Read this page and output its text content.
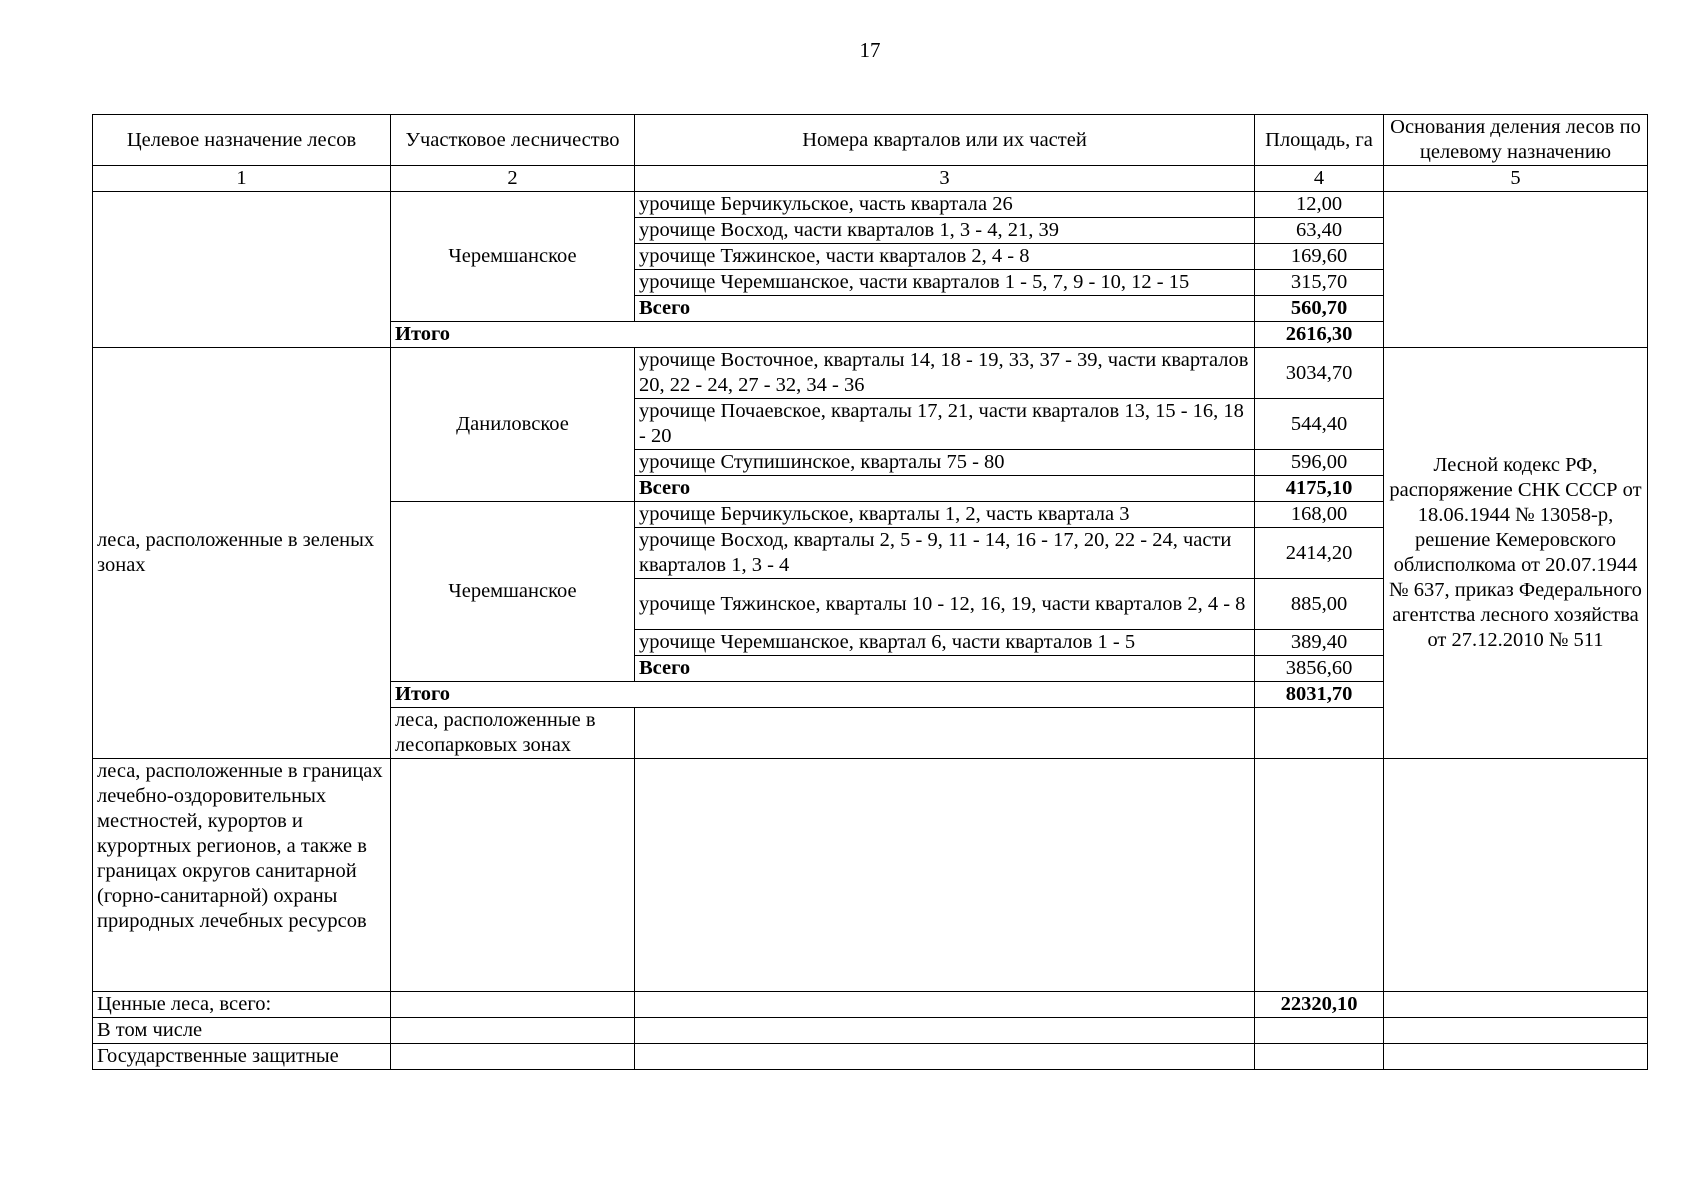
17
Целевое назначение лесов	Участковое лесничество	Номера кварталов или их частей	Площадь, га	Основания деления лесов по целевому назначению	
1	2	3	4	5	
	Черемшанское	урочище Берчикульское, часть квартала 26	12,00		
		урочище Восход, части кварталов 1, 3 - 4, 21, 39	63,40		
		урочище Тяжинское, части кварталов 2, 4 - 8	169,60		
		урочище Черемшанское, части кварталов 1 - 5, 7, 9 - 10, 12 - 15	315,70		
		Всего	560,70		
	Итого		2616,30		
леса, расположенные в зеленых зонах	Даниловское	урочище Восточное, кварталы 14, 18 - 19, 33, 37 - 39, части кварталов 20, 22 - 24, 27 - 32, 34 - 36	3034,70	Лесной кодекс РФ, распоряжение СНК СССР от 18.06.1944 № 13058-р, решение Кемеровского облисполкома от 20.07.1944 № 637, приказ Федерального агентства лесного хозяйства от 27.12.2010 № 511	
		урочище Почаевское, кварталы 17, 21, части кварталов 13, 15 - 16, 18 - 20	544,40		
		урочище Ступишинское, кварталы 75 - 80	596,00		
		Всего	4175,10		
	Черемшанское	урочище Берчикульское, кварталы 1, 2, часть квартала 3	168,00		
		урочище Восход, кварталы 2, 5 - 9, 11 - 14, 16 - 17, 20, 22 - 24, части кварталов 1, 3 - 4	2414,20		
		урочище Тяжинское, кварталы 10 - 12, 16, 19, части кварталов 2, 4 - 8	885,00		
		урочище Черемшанское, квартал 6, части кварталов 1 - 5	389,40		
		Всего	3856,60		
	Итого		8031,70		
	леса, расположенные в лесопарковых зонах				
леса, расположенные в границах лечебно-оздоровительных местностей, курортов и курортных регионов, а также в границах округов санитарной (горно-санитарной) охраны природных лечебных ресурсов					
Ценные леса, всего:			22320,10		
В том числе					
Государственные защитные					
